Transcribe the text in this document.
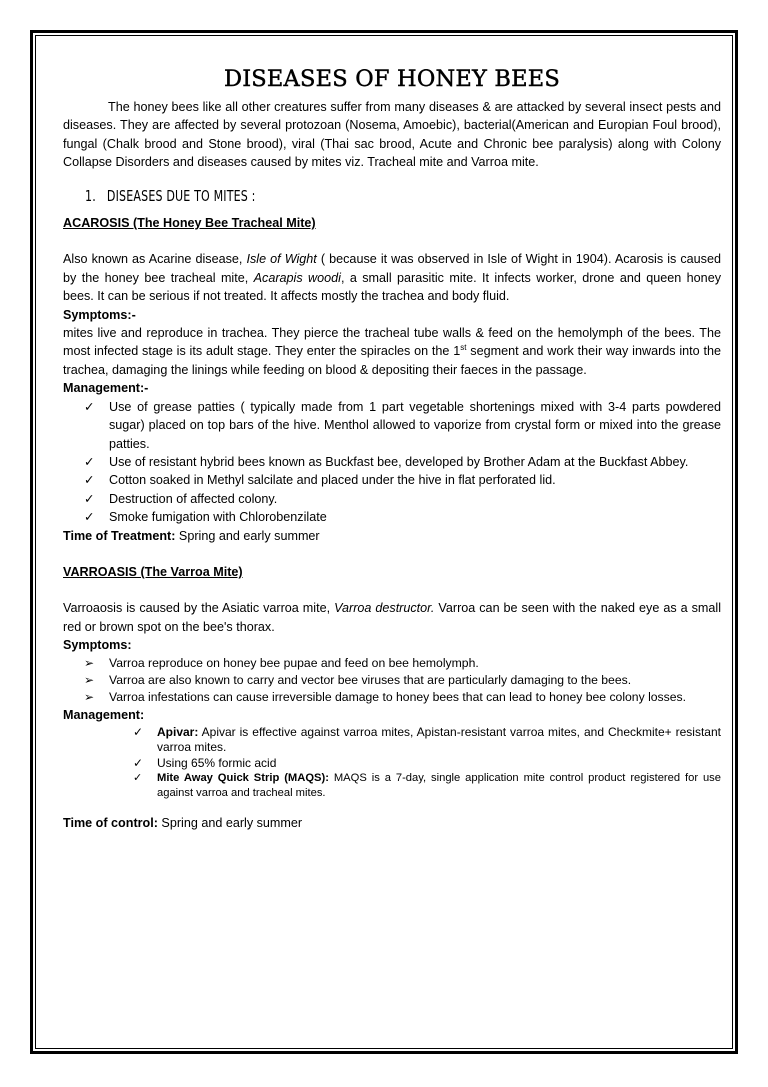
DISEASES OF HONEY BEES

The honey bees like all other creatures suffer from many diseases & are attacked by several insect pests and diseases. They are affected by several protozoan (Nosema, Amoebic), bacterial(American and Europian Foul brood), fungal (Chalk brood and Stone brood), viral (Thai sac brood, Acute and Chronic bee paralysis) along with Colony Collapse Disorders and diseases caused by mites viz. Tracheal mite and Varroa mite.

1. DISEASES DUE TO MITES :

ACAROSIS (The Honey Bee Tracheal Mite)

Also known as Acarine disease, Isle of Wight ( because it was observed in Isle of Wight in 1904). Acarosis is caused by the honey bee tracheal mite, Acarapis woodi, a small parasitic mite. It infects worker, drone and queen honey bees. It can be serious if not treated. It affects mostly the trachea and body fluid.

Symptoms:-

mites live and reproduce in trachea. They pierce the tracheal tube walls & feed on the hemolymph of the bees. The most infected stage is its adult stage. They enter the spiracles on the 1st segment and work their way inwards into the trachea, damaging the linings while feeding on blood & depositing their faeces in the passage.

Management:-

✓	Use of grease patties ( typically made from 1 part vegetable shortenings mixed with 3-4 parts powdered sugar) placed on top bars of the hive. Menthol allowed to vaporize from crystal form or mixed into the grease patties.
✓	Use of resistant hybrid bees known as Buckfast bee, developed by Brother Adam at the Buckfast Abbey.
✓	Cotton soaked in Methyl salcilate and placed under the hive in flat perforated lid.
✓	Destruction of affected colony.
✓	Smoke fumigation with Chlorobenzilate

Time of Treatment: Spring and early summer

VARROASIS (The Varroa Mite)

Varroaosis is caused by the Asiatic varroa mite, Varroa destructor. Varroa can be seen with the naked eye as a small red or brown spot on the bee's thorax.

Symptoms:

➢	Varroa reproduce on honey bee pupae and feed on bee hemolymph.
➢	Varroa are also known to carry and vector bee viruses that are particularly damaging to the bees.
➢	Varroa infestations can cause irreversible damage to honey bees that can lead to honey bee colony losses.

Management:

✓	Apivar: Apivar is effective against varroa mites, Apistan-resistant varroa mites, and Checkmite+ resistant varroa mites.
✓	Using 65% formic acid
✓	Mite Away Quick Strip (MAQS): MAQS is a 7-day, single application mite control product registered for use against varroa and tracheal mites.

Time of control: Spring and early summer
